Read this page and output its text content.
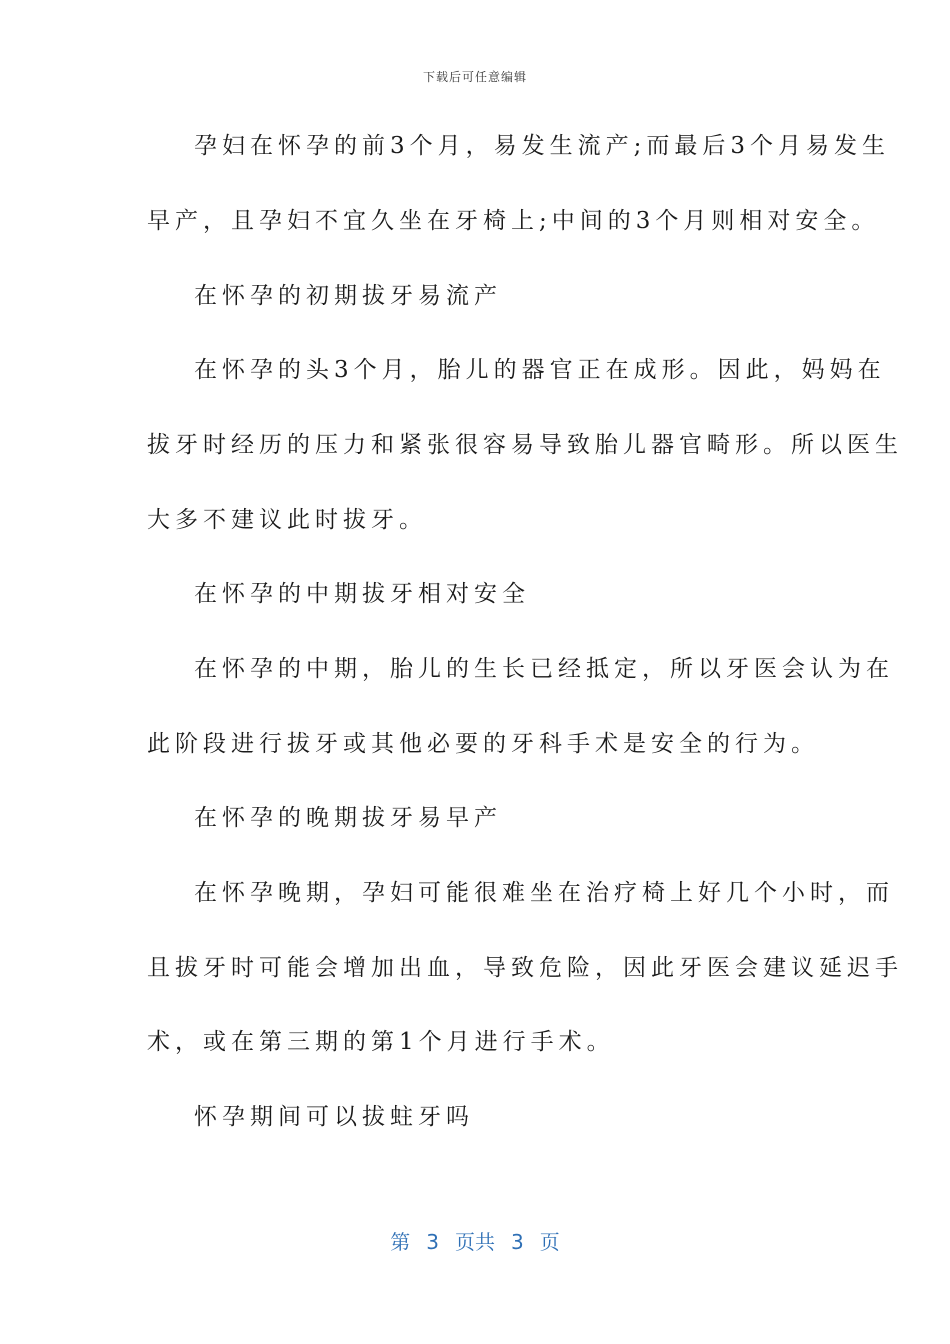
下载后可任意编辑
孕妇在怀孕的前3个月，易发生流产;而最后3个月易发生
早产，且孕妇不宜久坐在牙椅上;中间的3个月则相对安全。
在怀孕的初期拔牙易流产
在怀孕的头3个月，胎儿的器官正在成形。因此，妈妈在
拔牙时经历的压力和紧张很容易导致胎儿器官畸形。所以医生
大多不建议此时拔牙。
在怀孕的中期拔牙相对安全
在怀孕的中期，胎儿的生长已经抵定，所以牙医会认为在
此阶段进行拔牙或其他必要的牙科手术是安全的行为。
在怀孕的晚期拔牙易早产
在怀孕晚期，孕妇可能很难坐在治疗椅上好几个小时，而
且拔牙时可能会增加出血，导致危险，因此牙医会建议延迟手
术，或在第三期的第1个月进行手术。
怀孕期间可以拔蛀牙吗
第 3 页共 3 页
